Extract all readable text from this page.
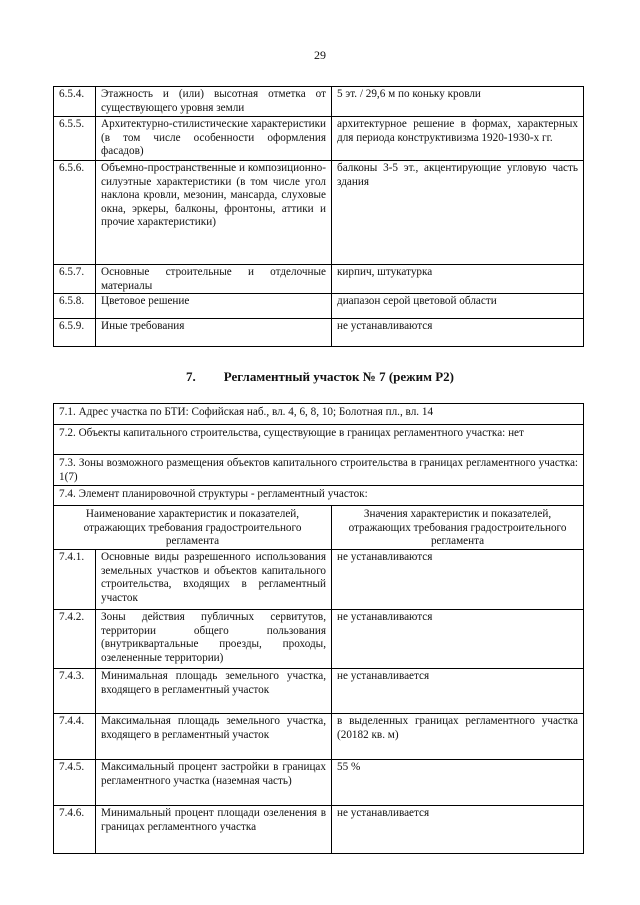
29
6.5.4.	Этажность и (или) высотная отметка от существующего уровня земли	5 эт. / 29,6 м по коньку кровли
6.5.5.	Архитектурно-стилистические характеристики (в том числе особенности оформления фасадов)	архитектурное решение в формах, характерных для периода конструктивизма 1920-1930-х гг.
6.5.6.	Объемно-пространственные и композиционно-силуэтные характеристики (в том числе угол наклона кровли, мезонин, мансарда, слуховые окна, эркеры, балконы, фронтоны, аттики и прочие характеристики)	балконы 3-5 эт., акцентирующие угловую часть здания
6.5.7.	Основные строительные и отделочные материалы	кирпич, штукатурка
6.5.8.	Цветовое решение	диапазон серой цветовой области
6.5.9.	Иные требования	не устанавливаются
7. Регламентный участок № 7 (режим Р2)
7.1. Адрес участка по БТИ: Софийская наб., вл. 4, 6, 8, 10; Болотная пл., вл. 14		
7.2. Объекты капитального строительства, существующие в границах регламентного участка: нет		
7.3. Зоны возможного размещения объектов капитального строительства в границах регламентного участка: 1(7)		
7.4. Элемент планировочной структуры - регламентный участок:		
Наименование характеристик и показателей, отражающих требования градостроительного регламента		Значения характеристик и показателей, отражающих требования градостроительного регламента
7.4.1.	Основные виды разрешенного использования земельных участков и объектов капитального строительства, входящих в регламентный участок	не устанавливаются
7.4.2.	Зоны действия публичных сервитутов, территории общего пользования (внутриквартальные проезды, проходы, озелененные территории)	не устанавливаются
7.4.3.	Минимальная площадь земельного участка, входящего в регламентный участок	не устанавливается
7.4.4.	Максимальная площадь земельного участка, входящего в регламентный участок	в выделенных границах регламентного участка (20182 кв. м)
7.4.5.	Максимальный процент застройки в границах регламентного участка (наземная часть)	55 %
7.4.6.	Минимальный процент площади озеленения в границах регламентного участка	не устанавливается
